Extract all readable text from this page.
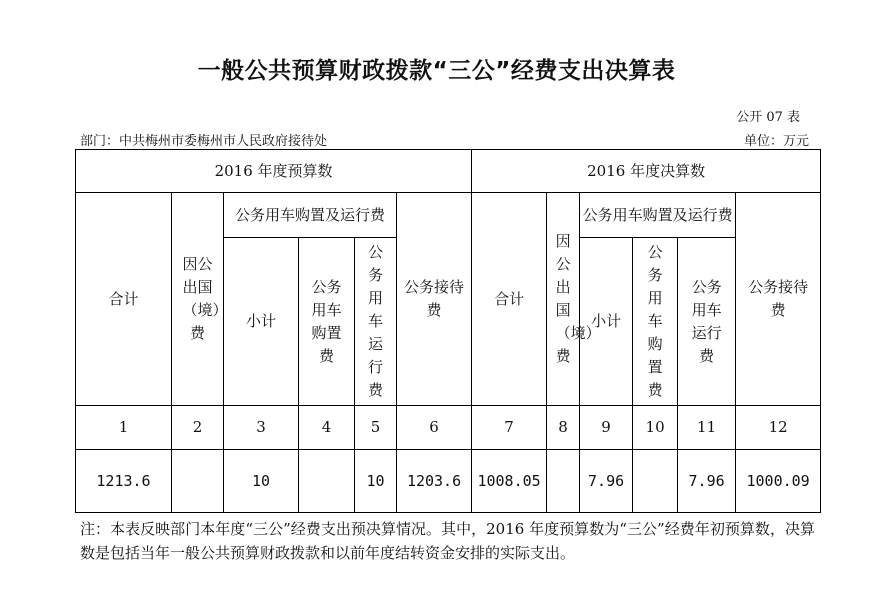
一般公共预算财政拨款“三公”经费支出决算表
公开 07 表
部门：中共梅州市委梅州市人民政府接待处	单位：万元
2016 年度预算数						2016 年度决算数					
合计	因公出国（境）费	公务用车购置及运行费			公务接待费	合计	因公出国（境）费	公务用车购置及运行费			公务接待费
		小计	公务用车购置费	公务用车运行费				小计	公务用车购置费	公务用车运行费	
1	2	3	4	5	6	7	8	9	10	11	12
1213.6		10		10	1203.6	1008.05		7.96		7.96	1000.09
注：本表反映部门本年度“三公”经费支出预决算情况。其中，2016 年度预算数为“三公”经费年初预算数，决算数是包括当年一般公共预算财政拨款和以前年度结转资金安排的实际支出。
